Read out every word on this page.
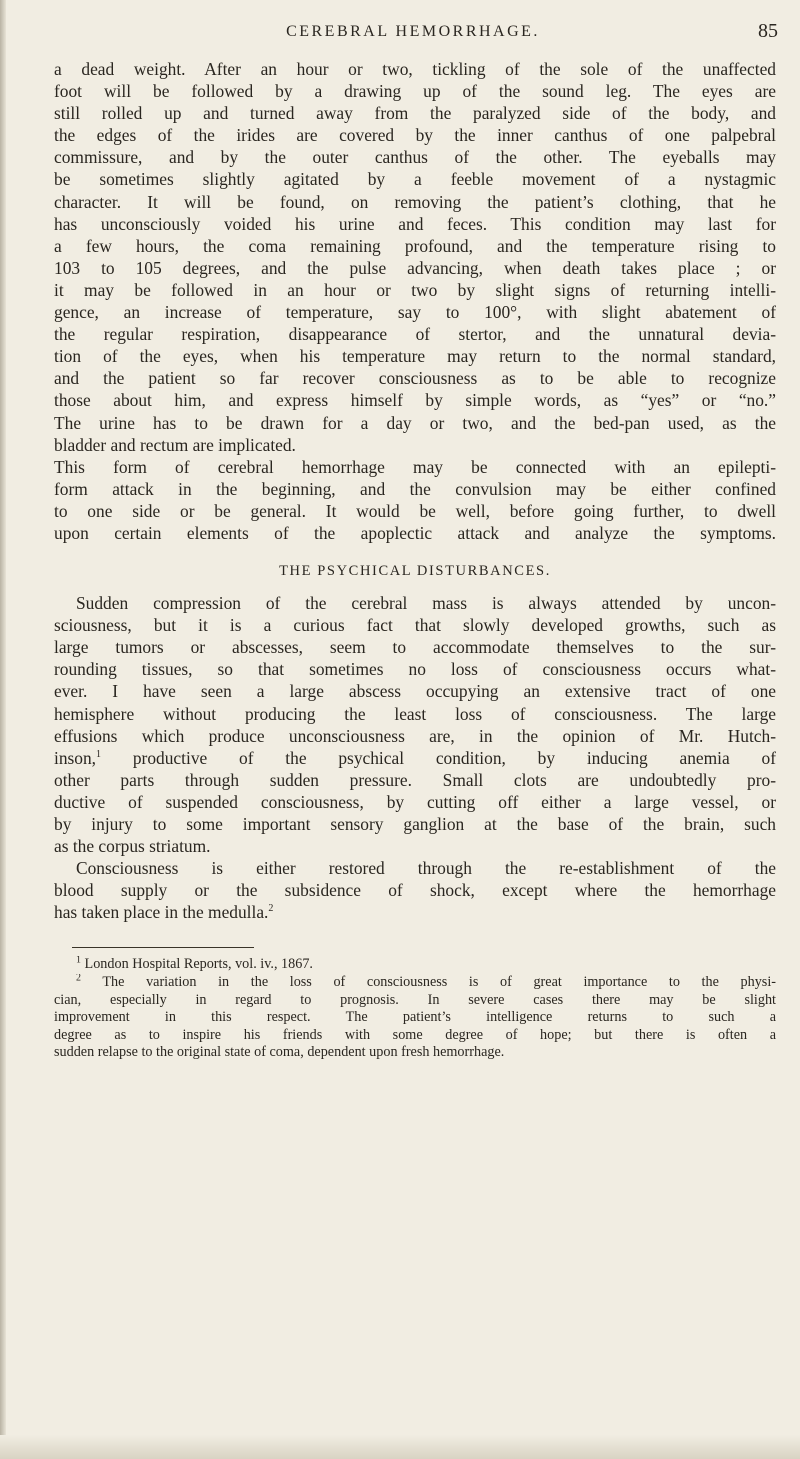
CEREBRAL HEMORRHAGE.	85
a dead weight. After an hour or two, tickling of the sole of the unaffected
foot will be followed by a drawing up of the sound leg. The eyes are
still rolled up and turned away from the paralyzed side of the body, and
the edges of the irides are covered by the inner canthus of one palpebral
commissure, and by the outer canthus of the other. The eyeballs may
be sometimes slightly agitated by a feeble movement of a nystagmic
character. It will be found, on removing the patient’s clothing, that he
has unconsciously voided his urine and feces. This condition may last for
a few hours, the coma remaining profound, and the temperature rising to
103 to 105 degrees, and the pulse advancing, when death takes place ; or
it may be followed in an hour or two by slight signs of returning intelli-
gence, an increase of temperature, say to 100°, with slight abatement of
the regular respiration, disappearance of stertor, and the unnatural devia-
tion of the eyes, when his temperature may return to the normal standard,
and the patient so far recover consciousness as to be able to recognize
those about him, and express himself by simple words, as “yes” or “no.”
The urine has to be drawn for a day or two, and the bed-pan used, as the
bladder and rectum are implicated.
This form of cerebral hemorrhage may be connected with an epilepti-
form attack in the beginning, and the convulsion may be either confined
to one side or be general. It would be well, before going further, to dwell
upon certain elements of the apoplectic attack and analyze the symptoms.
THE PSYCHICAL DISTURBANCES.
Sudden compression of the cerebral mass is always attended by uncon-
sciousness, but it is a curious fact that slowly developed growths, such as
large tumors or abscesses, seem to accommodate themselves to the sur-
rounding tissues, so that sometimes no loss of consciousness occurs what-
ever. I have seen a large abscess occupying an extensive tract of one
hemisphere without producing the least loss of consciousness. The large
effusions which produce unconsciousness are, in the opinion of Mr. Hutch-
inson,$^1$ productive of the psychical condition, by inducing anemia of
other parts through sudden pressure. Small clots are undoubtedly pro-
ductive of suspended consciousness, by cutting off either a large vessel, or
by injury to some important sensory ganglion at the base of the brain, such
as the corpus striatum.
Consciousness is either restored through the re-establishment of the
blood supply or the subsidence of shock, except where the hemorrhage
has taken place in the medulla.$^2$
$^1$ London Hospital Reports, vol. iv., 1867.
$^2$ The variation in the loss of consciousness is of great importance to the physi-
cian, especially in regard to prognosis. In severe cases there may be slight
improvement in this respect. The patient’s intelligence returns to such a
degree as to inspire his friends with some degree of hope; but there is often a
sudden relapse to the original state of coma, dependent upon fresh hemorrhage.
